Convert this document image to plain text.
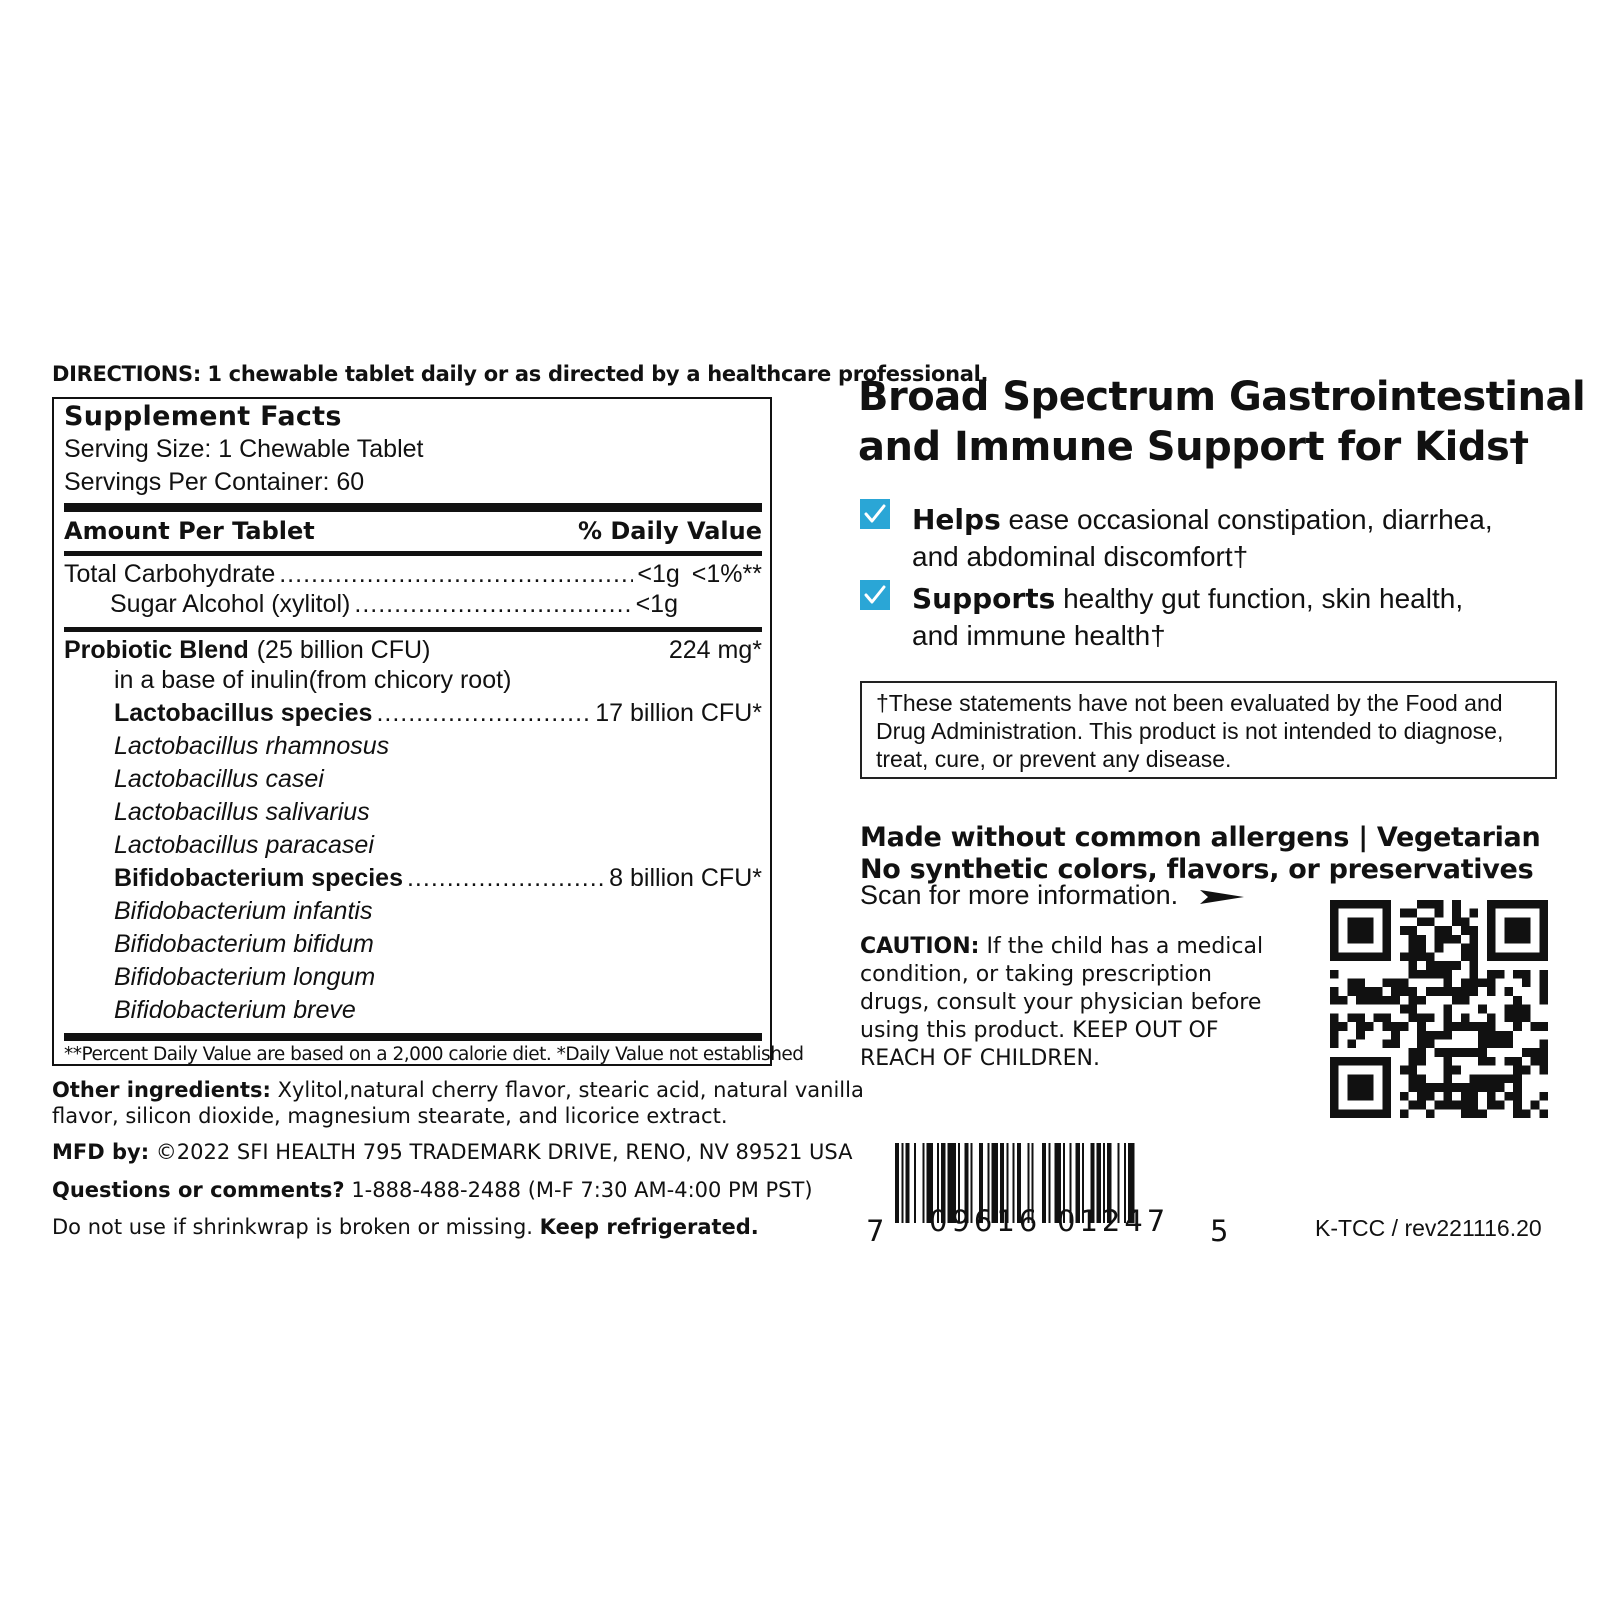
DIRECTIONS: 1 chewable tablet daily or as directed by a healthcare professional.
Supplement Facts
Serving Size: 1 Chewable Tablet
Servings Per Container: 60
Amount Per Tablet	% Daily Value
Total Carbohydrate .....	<1g <1%**
Sugar Alcohol (xylitol) .....	<1g
Probiotic Blend (25 billion CFU)	224 mg*
in a base of inulin(from chicory root)
Lactobacillus species .....	17 billion CFU*
Lactobacillus rhamnosus
Lactobacillus casei
Lactobacillus salivarius
Lactobacillus paracasei
Bifidobacterium species .....	8 billion CFU*
Bifidobacterium infantis
Bifidobacterium bifidum
Bifidobacterium longum
Bifidobacterium breve
**Percent Daily Value are based on a 2,000 calorie diet. *Daily Value not established
Other ingredients: Xylitol,natural cherry flavor, stearic acid, natural vanilla
flavor, silicon dioxide, magnesium stearate, and licorice extract.
MFD by: ©2022 SFI HEALTH 795 TRADEMARK DRIVE, RENO, NV 89521 USA
Questions or comments? 1-888-488-2488 (M-F 7:30 AM-4:00 PM PST)
Do not use if shrinkwrap is broken or missing. Keep refrigerated.
Broad Spectrum Gastrointestinal
and Immune Support for Kids†
Helps ease occasional constipation, diarrhea,
and abdominal discomfort†
Supports healthy gut function, skin health,
and immune health†
†These statements have not been evaluated by the Food and Drug Administration. This product is not intended to diagnose, treat, cure, or prevent any disease.
Made without common allergens | Vegetarian
No synthetic colors, flavors, or preservatives
Scan for more information.
CAUTION: If the child has a medical condition, or taking prescription drugs, consult your physician before using this product. KEEP OUT OF REACH OF CHILDREN.
7 09616 01247 5	K-TCC / rev221116.20
